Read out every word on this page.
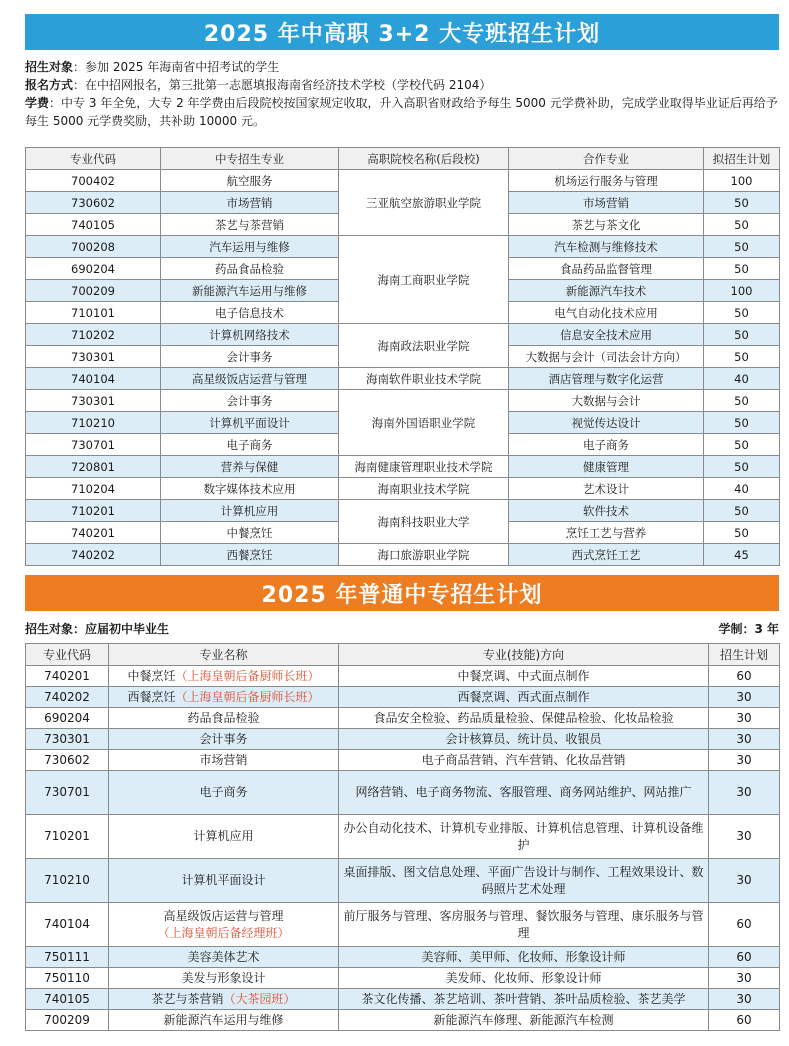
2025 年中高职 3+2 大专班招生计划
招生对象：参加 2025 年海南省中招考试的学生
报名方式：在中招网报名，第三批第一志愿填报海南省经济技术学校（学校代码 2104）
学费：中专 3 年全免，大专 2 年学费由后段院校按国家规定收取，升入高职省财政给予每生 5000 元学费补助，完成学业取得毕业证后再给予每生 5000 元学费奖励，共补助 10000 元。
专业代码	中专招生专业	高职院校名称(后段校)	合作专业	拟招生计划
700402	航空服务	三亚航空旅游职业学院	机场运行服务与管理	100
730602	市场营销		市场营销	50
740105	茶艺与茶营销		茶艺与茶文化	50
700208	汽车运用与维修	海南工商职业学院	汽车检测与维修技术	50
690204	药品食品检验		食品药品监督管理	50
700209	新能源汽车运用与维修		新能源汽车技术	100
710101	电子信息技术		电气自动化技术应用	50
710202	计算机网络技术	海南政法职业学院	信息安全技术应用	50
730301	会计事务		大数据与会计（司法会计方向）	50
740104	高星级饭店运营与管理	海南软件职业技术学院	酒店管理与数字化运营	40
730301	会计事务	海南外国语职业学院	大数据与会计	50
710210	计算机平面设计		视觉传达设计	50
730701	电子商务		电子商务	50
720801	营养与保健	海南健康管理职业技术学院	健康管理	50
710204	数字媒体技术应用	海南职业技术学院	艺术设计	40
710201	计算机应用	海南科技职业大学	软件技术	50
740201	中餐烹饪		烹饪工艺与营养	50
740202	西餐烹饪	海口旅游职业学院	西式烹饪工艺	45
2025 年普通中专招生计划
招生对象：应届初中毕业生	学制：3 年
专业代码	专业名称	专业(技能)方向	招生计划
740201	中餐烹饪（上海皇朝后备厨师长班）	中餐烹调、中式面点制作	60
740202	西餐烹饪（上海皇朝后备厨师长班）	西餐烹调、西式面点制作	30
690204	药品食品检验	食品安全检验、药品质量检验、保健品检验、化妆品检验	30
730301	会计事务	会计核算员、统计员、收银员	30
730602	市场营销	电子商品营销、汽车营销、化妆品营销	30
730701	电子商务	网络营销、电子商务物流、客服管理、商务网站维护、网站推广	30
710201	计算机应用	办公自动化技术、计算机专业排版、计算机信息管理、计算机设备维护	30
710210	计算机平面设计	桌面排版、图文信息处理、平面广告设计与制作、工程效果设计、数码照片艺术处理	30
740104	高星级饭店运营与管理
（上海皇朝后备经理班）	前厅服务与管理、客房服务与管理、餐饮服务与管理、康乐服务与管理	60
750111	美容美体艺术	美容师、美甲师、化妆师、形象设计师	60
750110	美发与形象设计	美发师、化妆师、形象设计师	30
740105	茶艺与茶营销（大茶园班）	茶文化传播、茶艺培训、茶叶营销、茶叶品质检验、茶艺美学	30
700209	新能源汽车运用与维修	新能源汽车修理、新能源汽车检测	60
